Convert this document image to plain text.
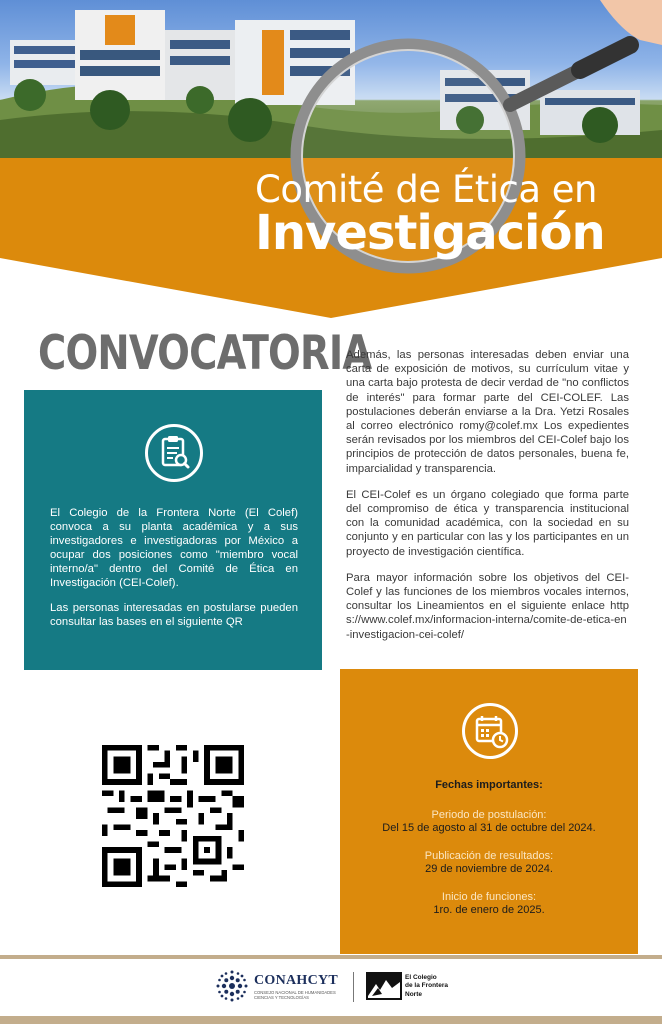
Comité de Ética en
Investigación
CONVOCATORIA

El Colegio de la Frontera Norte (El Colef) convoca a su planta académica y a sus investigadores e investigadoras por México a ocupar dos posiciones como "miembro vocal interno/a" dentro del Comité de Ética en Investigación (CEI-Colef).

Las personas interesadas en postularse pueden consultar las bases en el siguiente QR

Además, las personas interesadas deben enviar una carta de exposición de motivos, su currículum vitae y una carta bajo protesta de decir verdad de "no conflictos de interés" para formar parte del CEI-COLEF. Las postulaciones deberán enviarse a la Dra. Yetzi Rosales al correo electrónico romy@colef.mx Los expedientes serán revisados por los miembros del CEI-Colef bajo los principios de protección de datos personales, buena fe, imparcialidad y transparencia.

El CEI-Colef es un órgano colegiado que forma parte del compromiso de ética y transparencia institucional con la comunidad académica, con la sociedad en su conjunto y en particular con las y los participantes en un proyecto de investigación científica.

Para mayor información sobre los objetivos del CEI-Colef y las funciones de los miembros vocales internos, consultar los Lineamientos en el siguiente enlace https://www.colef.mx/informacion-interna/comite-de-etica-en-investigacion-cei-colef/

Fechas importantes:
Periodo de postulación:
Del 15 de agosto al 31 de octubre del 2024.
Publicación de resultados:
29 de noviembre de 2024.
Inicio de funciones:
1ro. de enero de 2025.
CONAHCYT
CONSEJO NACIONAL DE HUMANIDADES CIENCIAS Y TECNOLOGÍAS
El Colegio
de la Frontera
Norte
